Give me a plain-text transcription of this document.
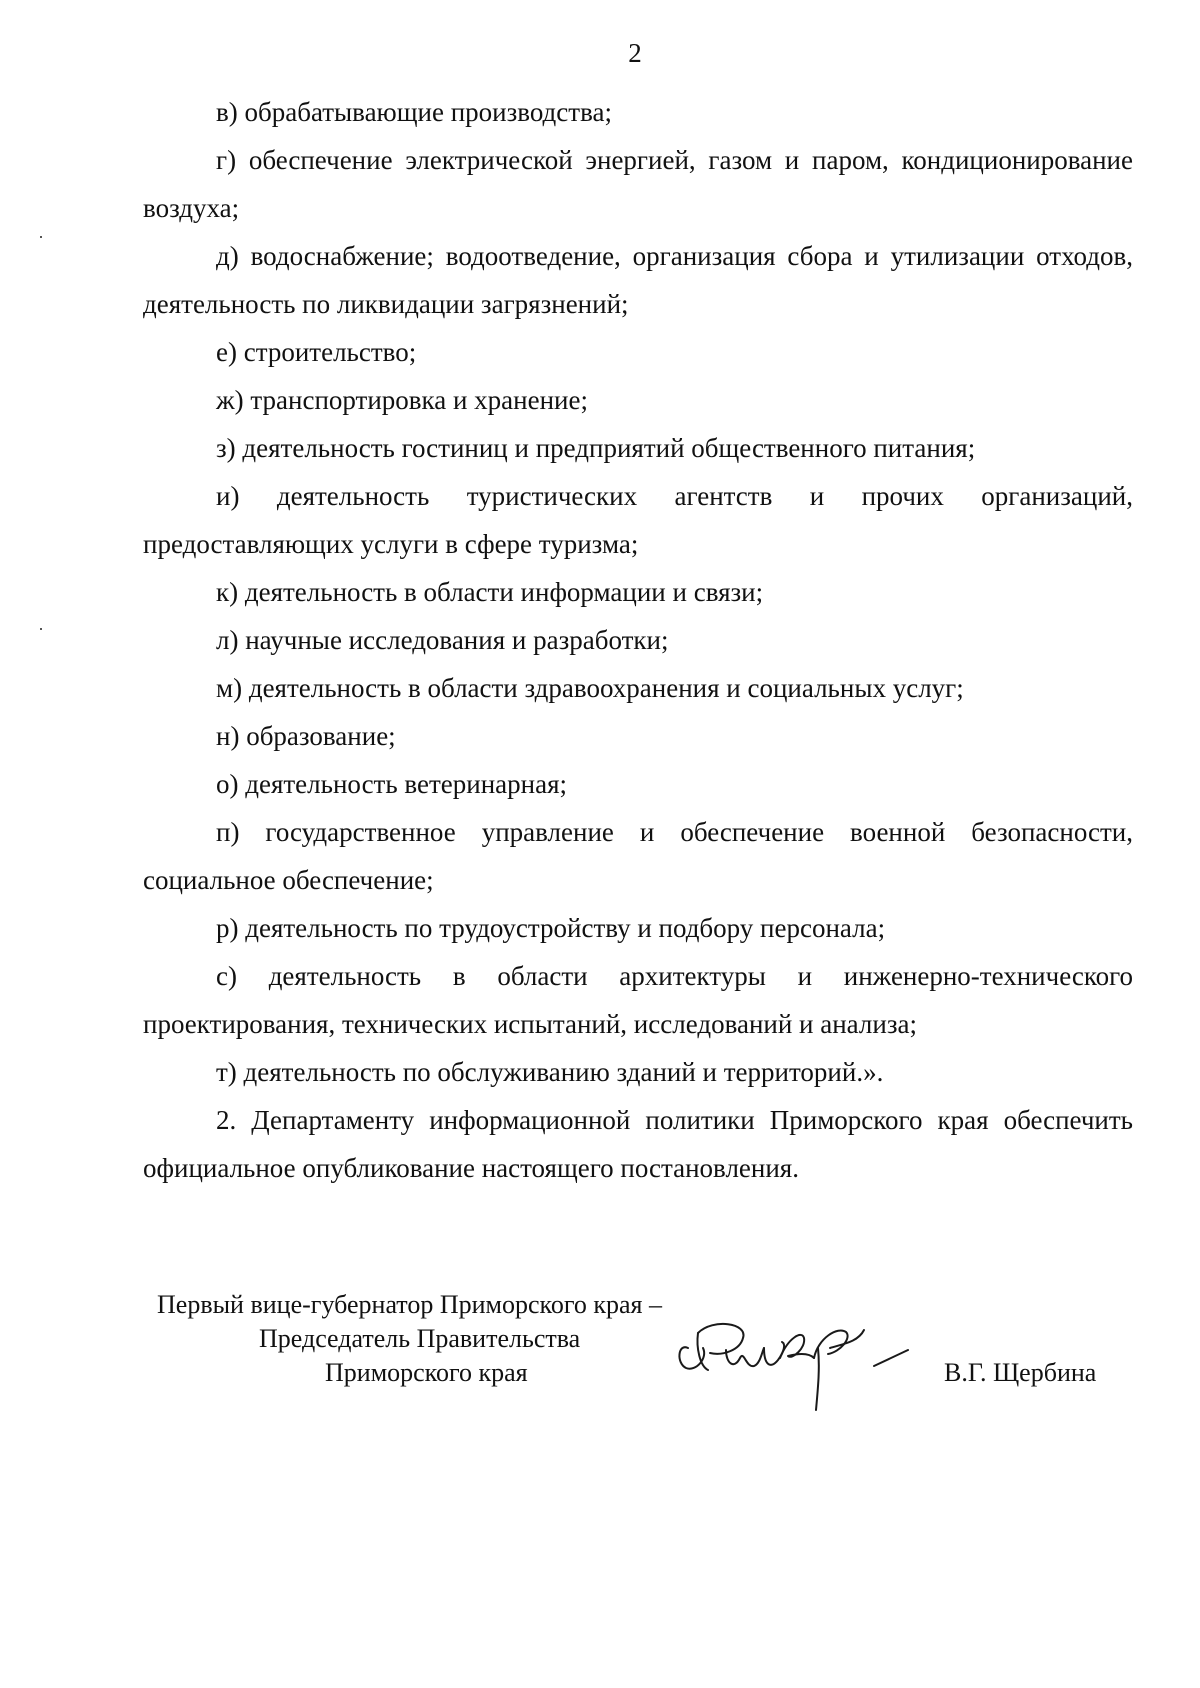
2

в) обрабатывающие производства;

г) обеспечение электрической энергией, газом и паром, кондиционирование воздуха;

д) водоснабжение; водоотведение, организация сбора и утилизации отходов, деятельность по ликвидации загрязнений;

е) строительство;

ж) транспортировка и хранение;

з) деятельность гостиниц и предприятий общественного питания;

и) деятельность туристических агентств и прочих организаций, предоставляющих услуги в сфере туризма;

к) деятельность в области информации и связи;

л) научные исследования и разработки;

м) деятельность в области здравоохранения и социальных услуг;

н) образование;

о) деятельность ветеринарная;

п) государственное управление и обеспечение военной безопасности, социальное обеспечение;

р) деятельность по трудоустройству и подбору персонала;

с) деятельность в области архитектуры и инженерно-технического проектирования, технических испытаний, исследований и анализа;

т) деятельность по обслуживанию зданий и территорий.».

2. Департаменту информационной политики Приморского края обеспечить официальное опубликование настоящего постановления.

Первый вице-губернатор Приморского края –
Председатель Правительства
Приморского края	В.Г. Щербина
